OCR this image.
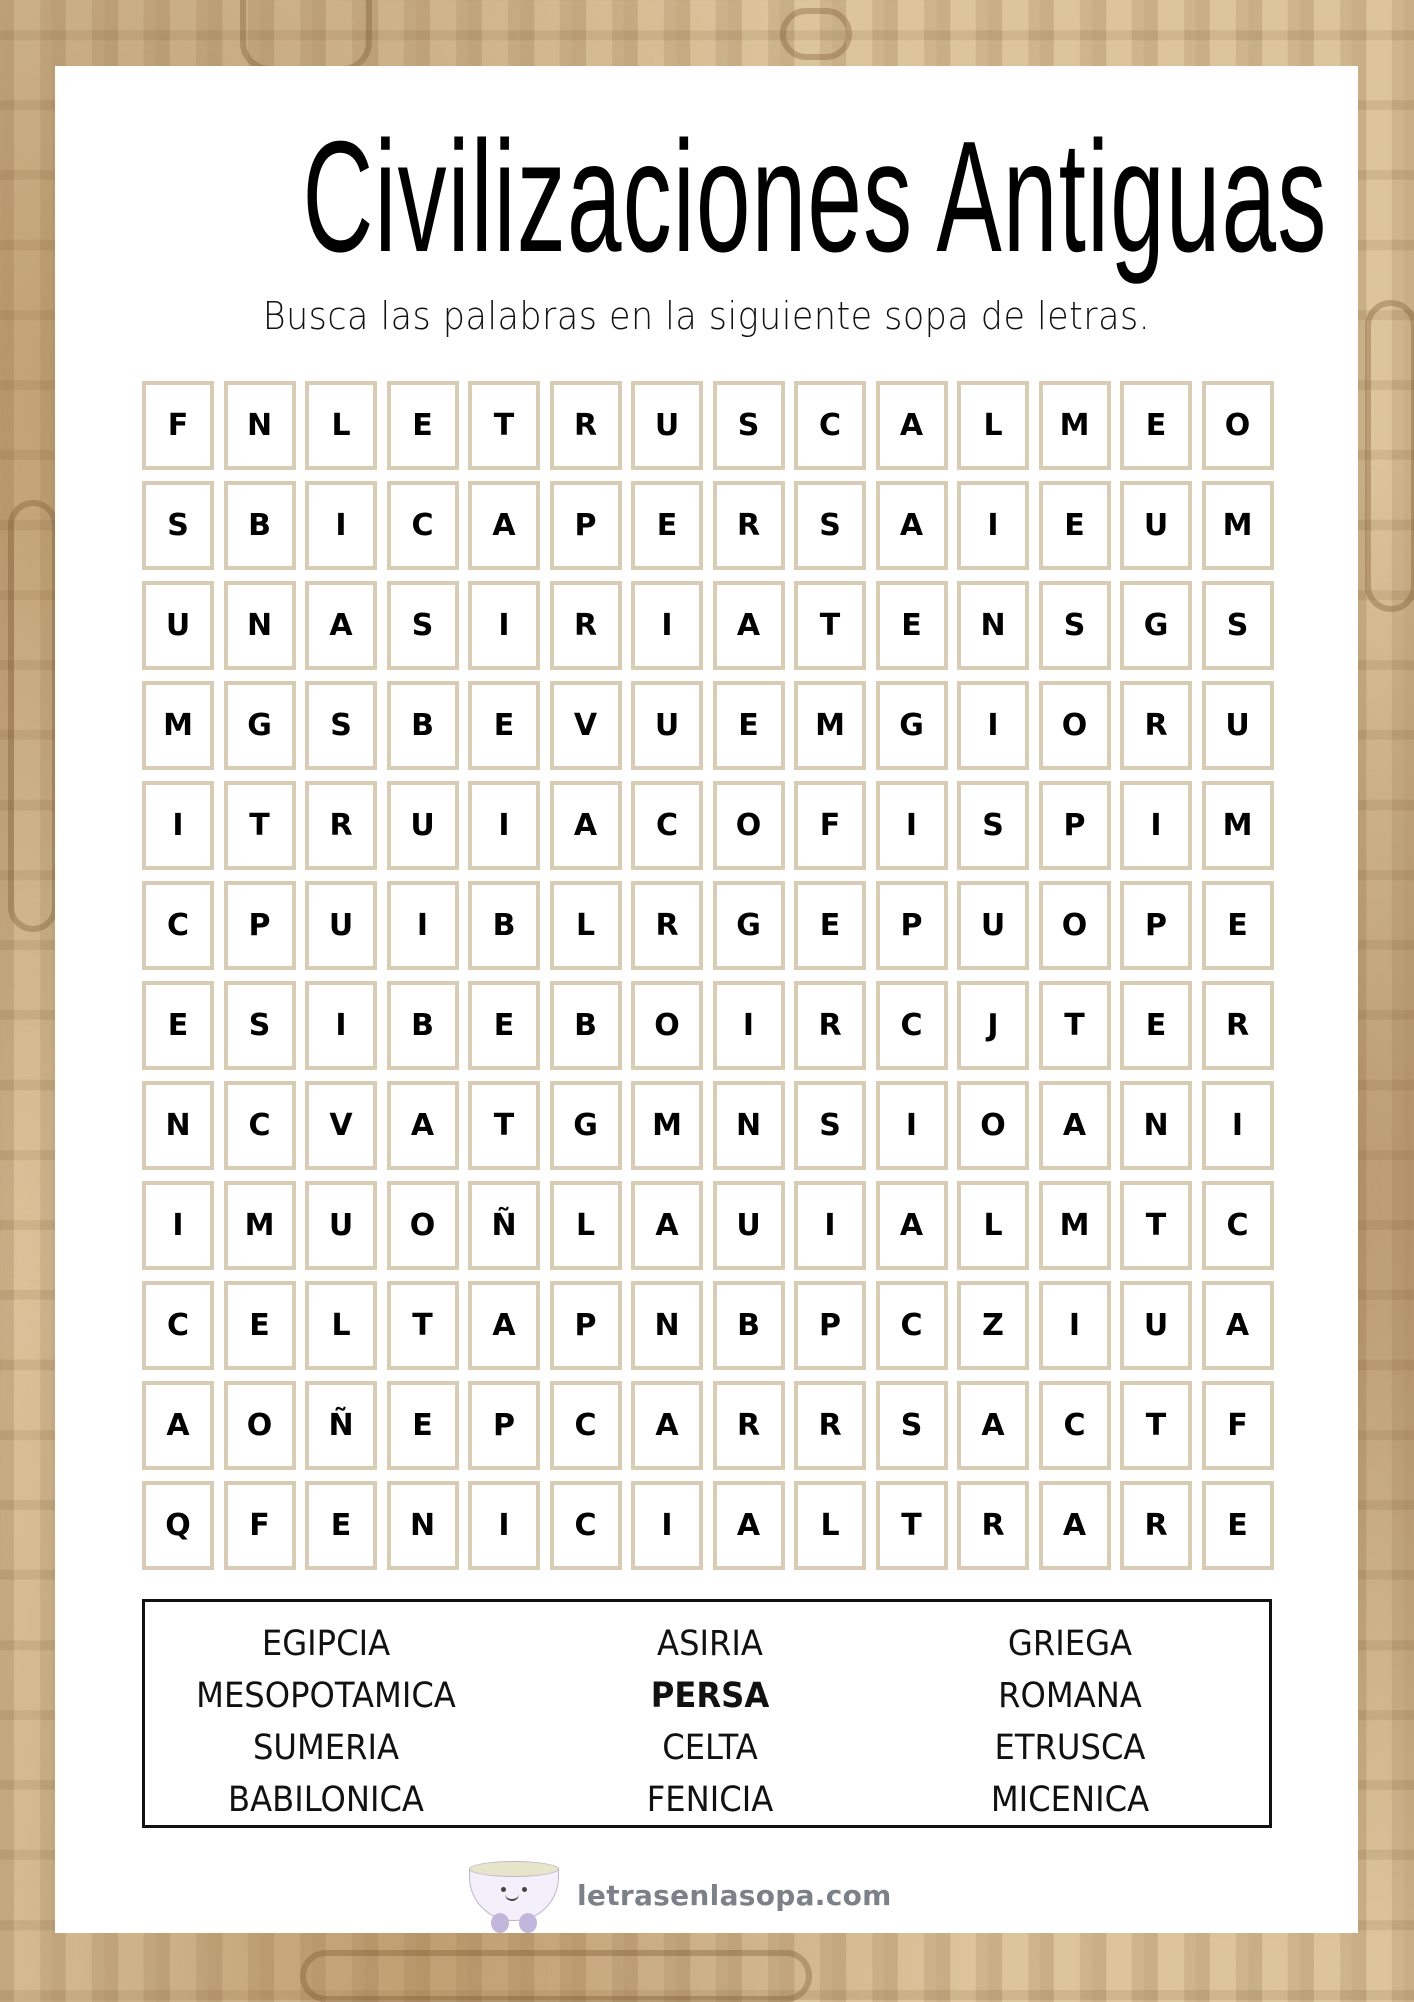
Civilizaciones Antiguas
Busca las palabras en la siguiente sopa de letras.
F	N	L	E	T	R	U	S	C	A	L	M	E	O
S	B	I	C	A	P	E	R	S	A	I	E	U	M
U	N	A	S	I	R	I	A	T	E	N	S	G	S
M	G	S	B	E	V	U	E	M	G	I	O	R	U
I	T	R	U	I	A	C	O	F	I	S	P	I	M
C	P	U	I	B	L	R	G	E	P	U	O	P	E
E	S	I	B	E	B	O	I	R	C	J	T	E	R
N	C	V	A	T	G	M	N	S	I	O	A	N	I
I	M	U	O	Ñ	L	A	U	I	A	L	M	T	C
C	E	L	T	A	P	N	B	P	C	Z	I	U	A
A	O	Ñ	E	P	C	A	R	R	S	A	C	T	F
Q	F	E	N	I	C	I	A	L	T	R	A	R	E
EGIPCIA
MESOPOTAMICA
SUMERIA
BABILONICA
ASIRIA
PERSA
CELTA
FENICIA
GRIEGA
ROMANA
ETRUSCA
MICENICA
letrasenlasopa.com
